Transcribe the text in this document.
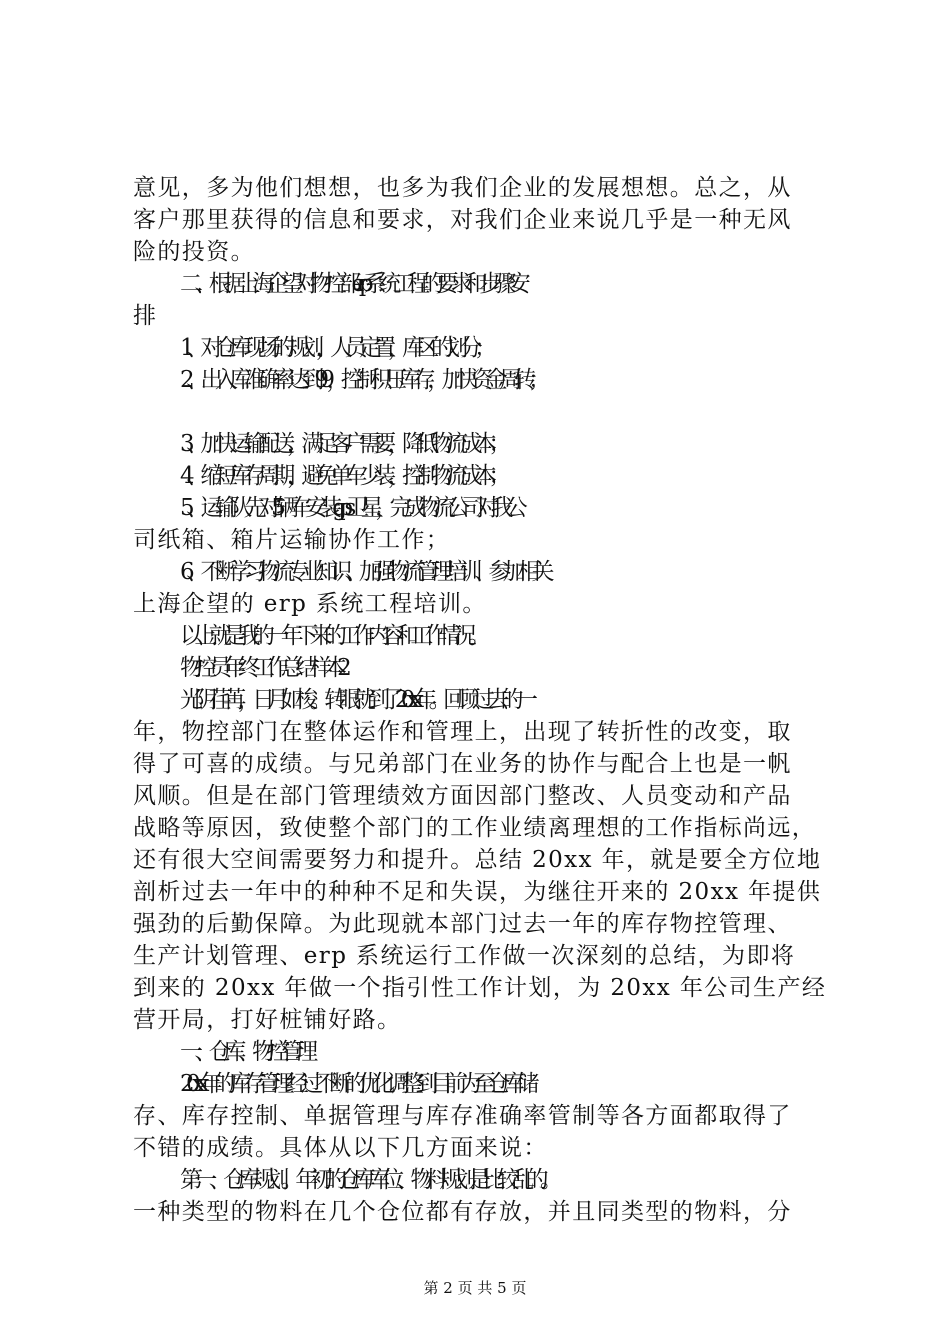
意见，多为他们想想，也多为我们企业的发展想想。总之，从
客户那里获得的信息和要求，对我们企业来说几乎是一种无风
险的投资。
二、根据上海企望对物控部 erp 系统工程的要求和步骤安
排
1、对仓库现场的规划，人员定置，库区的划分；
2、出入库准确率达到 99，控制积压库存，加快资金周转；
3、加快运输配送，满足客户需要，降低物流成本；
4、缩短库存周期，避免单车少装，控制物流成本；
5、运输队先对 5 辆车安装 gps 卫星，完成物流公司对我公
司纸箱、箱片运输协作工作；
6、不断学习物流专业知识、加强物流管理培训、参加相关
上海企望的 erp 系统工程培训。
以上就是我的一年下来的工作内容和工作情况。
物控员年终工作总结样本 2
光阴荏苒，日月如梭。转眼就到了 20xx 年。回顾过去的一
年，物控部门在整体运作和管理上，出现了转折性的改变，取
得了可喜的成绩。与兄弟部门在业务的协作与配合上也是一帆
风顺。但是在部门管理绩效方面因部门整改、人员变动和产品
战略等原因，致使整个部门的工作业绩离理想的工作指标尚远，
还有很大空间需要努力和提升。总结 20xx 年，就是要全方位地
剖析过去一年中的种种不足和失误，为继往开来的 20xx 年提供
强劲的后勤保障。为此现就本部门过去一年的库存物控管理、
生产计划管理、erp 系统运行工作做一次深刻的总结，为即将
到来的 20xx 年做一个指引性工作计划，为 20xx 年公司生产经
营开局，打好桩铺好路。
一、仓库、物控管理
20xx 年的库存管理经过不断的优化调整到目前为至仓库储
存、库存控制、单据管理与库存准确率管制等各方面都取得了
不错的成绩。具体从以下几方面来说：
第一、仓库规划。年初的仓库库位、物料规划是比较乱的。
一种类型的物料在几个仓位都有存放，并且同类型的物料，分
第 2 页 共 5 页
